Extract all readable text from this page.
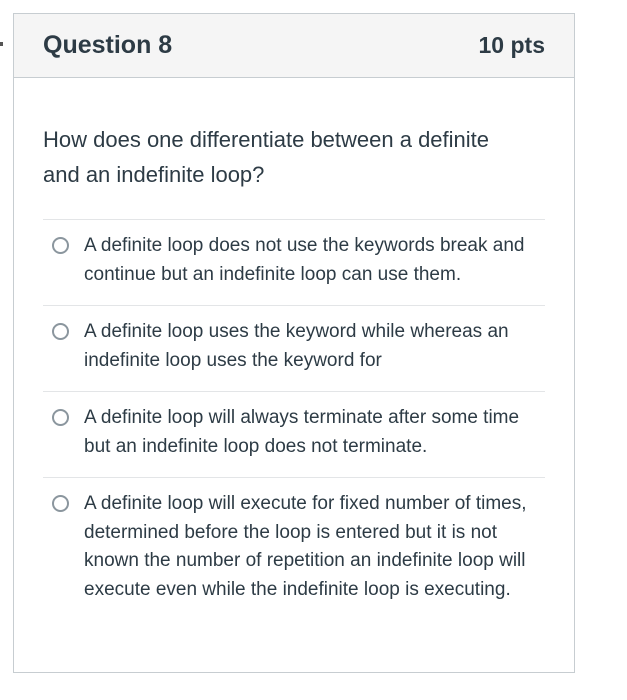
Question 8	10 pts
How does one differentiate between a definite and an indefinite loop?
A definite loop does not use the keywords break and continue but an indefinite loop can use them.
A definite loop uses the keyword while whereas an indefinite loop uses the keyword for
A definite loop will always terminate after some time but an indefinite loop does not terminate.
A definite loop will execute for fixed number of times, determined before the loop is entered but it is not known the number of repetition an indefinite loop will execute even while the indefinite loop is executing.
